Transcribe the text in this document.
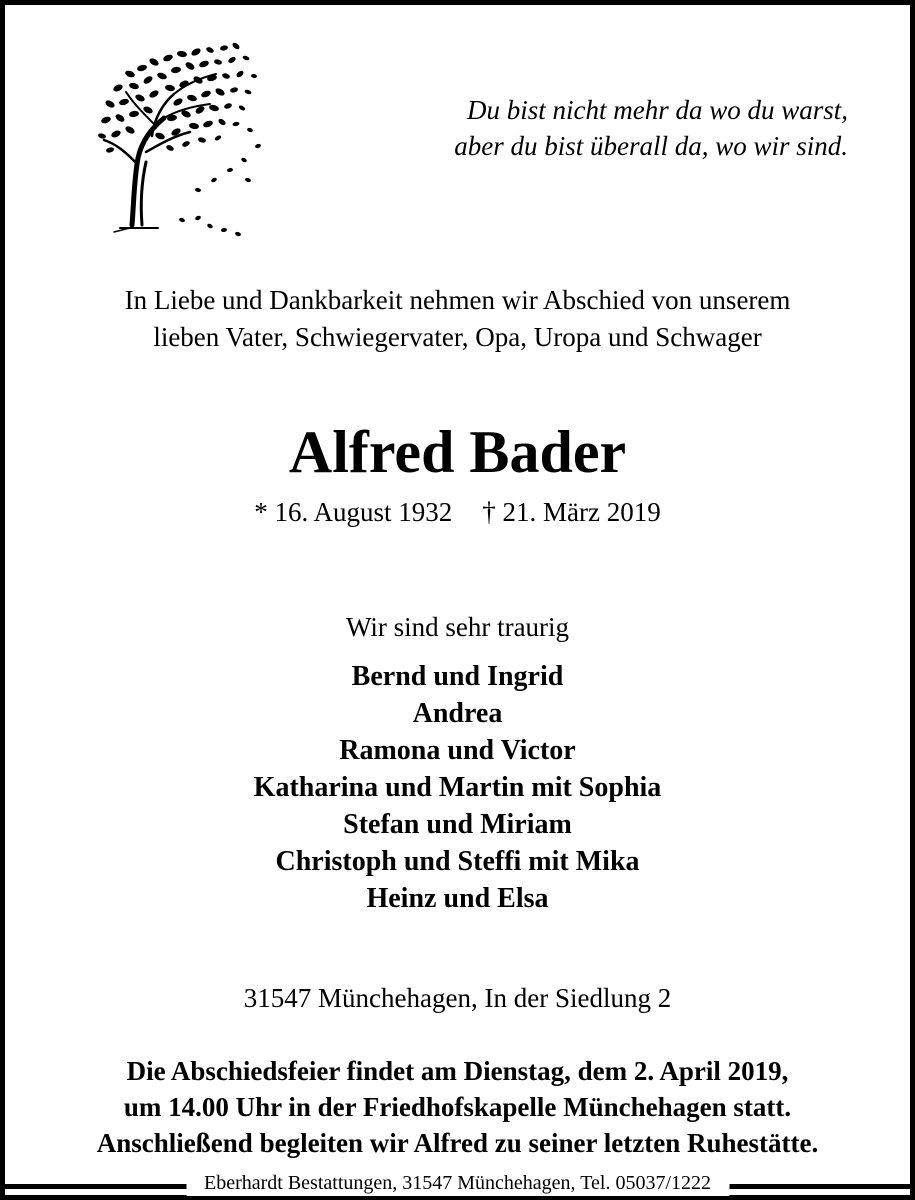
Du bist nicht mehr da wo du warst,
aber du bist überall da, wo wir sind.
In Liebe und Dankbarkeit nehmen wir Abschied von unserem
lieben Vater, Schwiegervater, Opa, Uropa und Schwager
Alfred Bader
* 16. August 1932 † 21. März 2019
Wir sind sehr traurig
Bernd und Ingrid
Andrea
Ramona und Victor
Katharina und Martin mit Sophia
Stefan und Miriam
Christoph und Steffi mit Mika
Heinz und Elsa
31547 Münchehagen, In der Siedlung 2
Die Abschiedsfeier findet am Dienstag, dem 2. April 2019,
um 14.00 Uhr in der Friedhofskapelle Münchehagen statt.
Anschließend begleiten wir Alfred zu seiner letzten Ruhestätte.
Eberhardt Bestattungen, 31547 Münchehagen, Tel. 05037/1222
